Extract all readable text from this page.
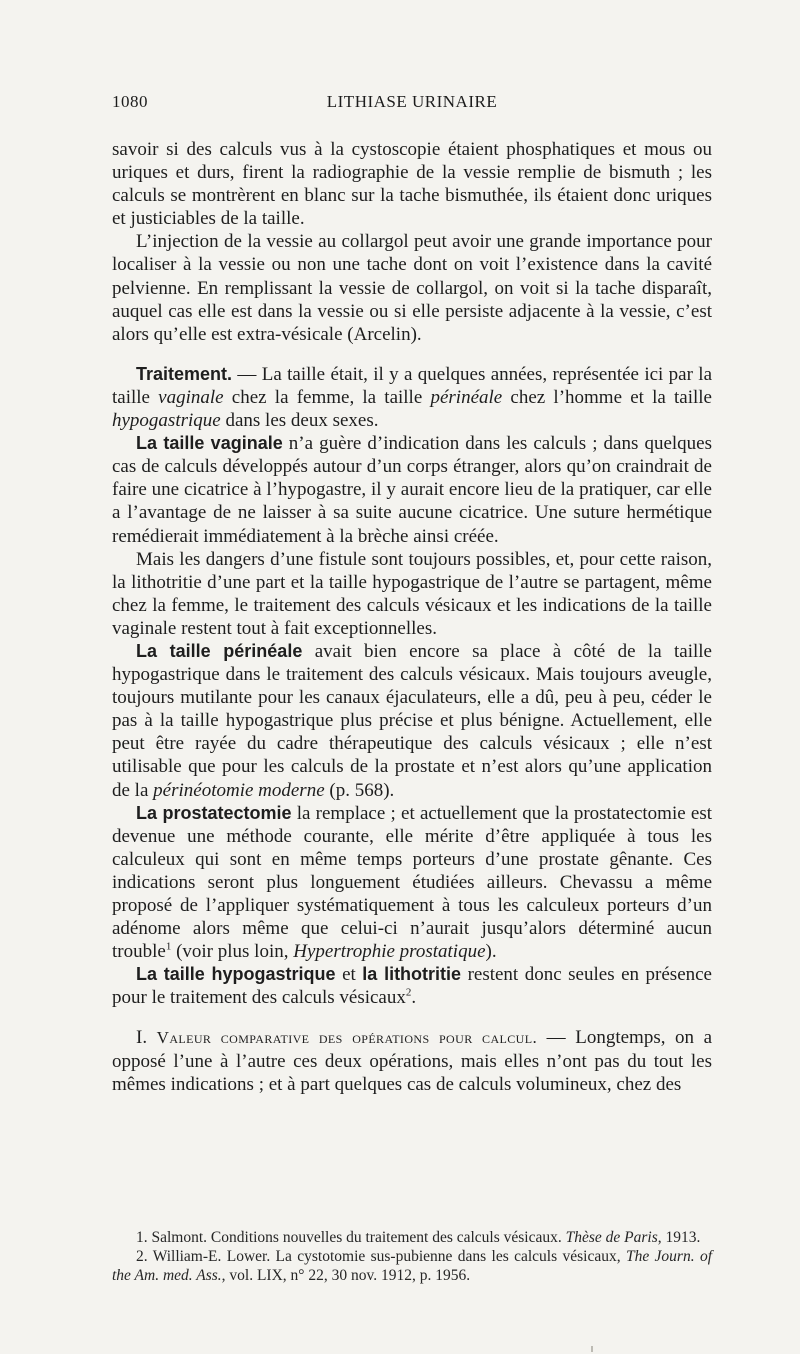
1080	LITHIASE URINAIRE

savoir si des calculs vus à la cystoscopie étaient phosphatiques et mous ou uriques et durs, firent la radiographie de la vessie remplie de bismuth ; les calculs se montrèrent en blanc sur la tache bismuthée, ils étaient donc uriques et justiciables de la taille.

L’injection de la vessie au collargol peut avoir une grande importance pour localiser à la vessie ou non une tache dont on voit l’existence dans la cavité pelvienne. En remplissant la vessie de collargol, on voit si la tache disparaît, auquel cas elle est dans la vessie ou si elle persiste adjacente à la vessie, c’est alors qu’elle est extra-vésicale (Arcelin).

Traitement. — La taille était, il y a quelques années, représentée ici par la taille vaginale chez la femme, la taille périnéale chez l’homme et la taille hypogastrique dans les deux sexes.

La taille vaginale n’a guère d’indication dans les calculs ; dans quelques cas de calculs développés autour d’un corps étranger, alors qu’on craindrait de faire une cicatrice à l’hypogastre, il y aurait encore lieu de la pratiquer, car elle a l’avantage de ne laisser à sa suite aucune cicatrice. Une suture hermétique remédierait immédiatement à la brèche ainsi créée.

Mais les dangers d’une fistule sont toujours possibles, et, pour cette raison, la lithotritie d’une part et la taille hypogastrique de l’autre se partagent, même chez la femme, le traitement des calculs vésicaux et les indications de la taille vaginale restent tout à fait exceptionnelles.

La taille périnéale avait bien encore sa place à côté de la taille hypogastrique dans le traitement des calculs vésicaux. Mais toujours aveugle, toujours mutilante pour les canaux éjaculateurs, elle a dû, peu à peu, céder le pas à la taille hypogastrique plus précise et plus bénigne. Actuellement, elle peut être rayée du cadre thérapeutique des calculs vésicaux ; elle n’est utilisable que pour les calculs de la prostate et n’est alors qu’une application de la périnéotomie moderne (p. 568).

La prostatectomie la remplace ; et actuellement que la prostatectomie est devenue une méthode courante, elle mérite d’être appliquée à tous les calculeux qui sont en même temps porteurs d’une prostate gênante. Ces indications seront plus longuement étudiées ailleurs. Chevassu a même proposé de l’appliquer systématiquement à tous les calculeux porteurs d’un adénome alors même que celui-ci n’aurait jusqu’alors déterminé aucun trouble$^1$ (voir plus loin, Hypertrophie prostatique).

La taille hypogastrique et la lithotritie restent donc seules en présence pour le traitement des calculs vésicaux$^2$.

I. Valeur comparative des opérations pour calcul. — Longtemps, on a opposé l’une à l’autre ces deux opérations, mais elles n’ont pas du tout les mêmes indications ; et à part quelques cas de calculs volumineux, chez des

1. Salmont. Conditions nouvelles du traitement des calculs vésicaux. Thèse de Paris, 1913.

2. William-E. Lower. La cystotomie sus-pubienne dans les calculs vésicaux, The Journ. of the Am. med. Ass., vol. LIX, n° 22, 30 nov. 1912, p. 1956.
